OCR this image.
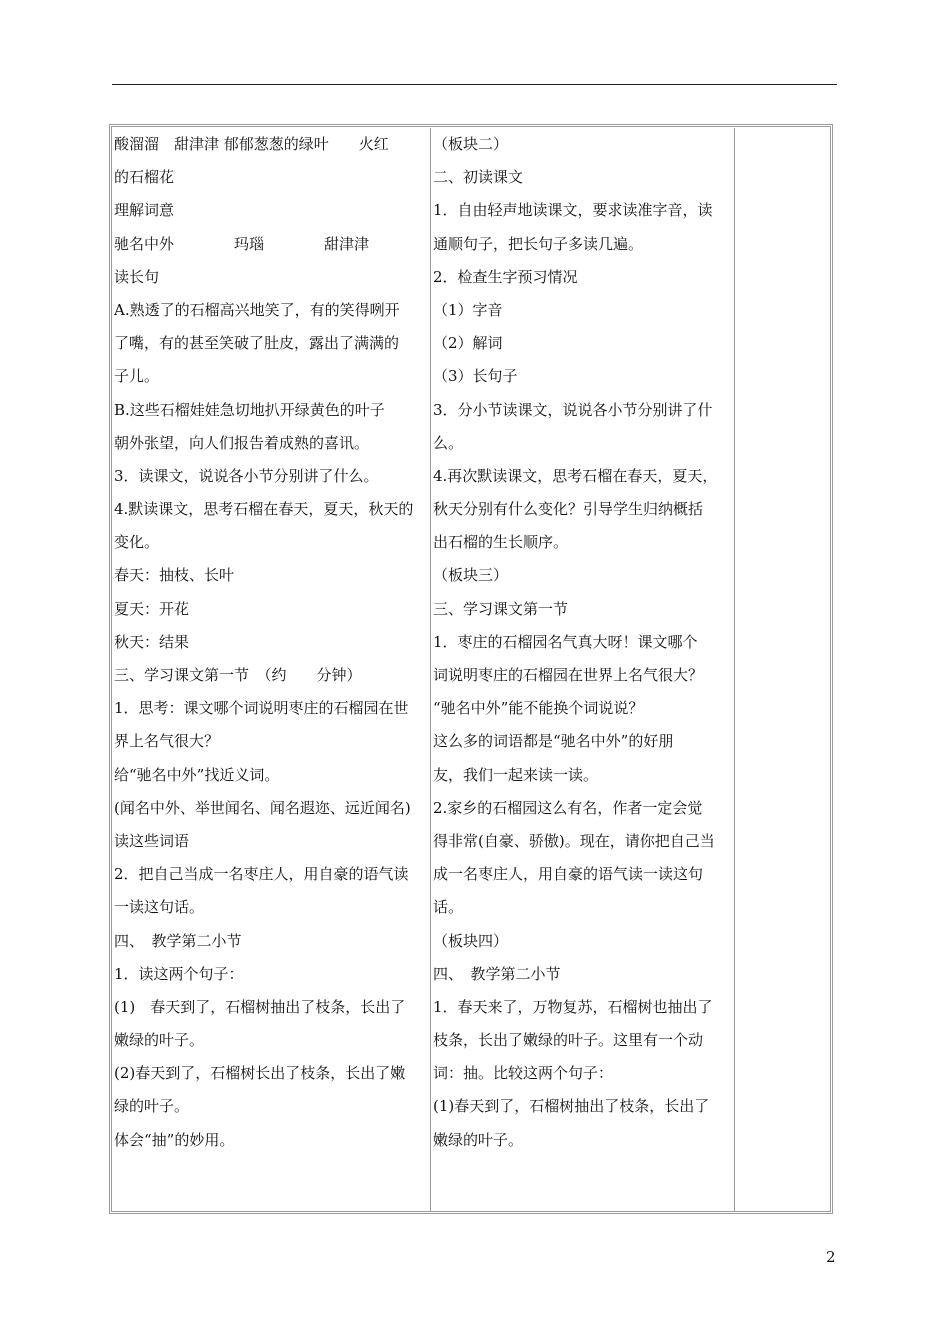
酸溜溜　甜津津 郁郁葱葱的绿叶　　火红
的石榴花
理解词意
驰名中外　　　　玛瑙　　　　甜津津
读长句
A.熟透了的石榴高兴地笑了，有的笑得咧开
了嘴，有的甚至笑破了肚皮，露出了满满的
子儿。
B.这些石榴娃娃急切地扒开绿黄色的叶子
朝外张望，向人们报告着成熟的喜讯。
3．读课文，说说各小节分别讲了什么。
4.默读课文，思考石榴在春天，夏天，秋天的
变化。
春天：抽枝、长叶
夏天：开花
秋天：结果
三、学习课文第一节　（约　　分钟）
1．思考：课文哪个词说明枣庄的石榴园在世
界上名气很大？
给“驰名中外”找近义词。
(闻名中外、举世闻名、闻名遐迩、远近闻名)
读这些词语
2．把自己当成一名枣庄人，用自豪的语气读
一读这句话。
四、　教学第二小节
1．读这两个句子：
(1)　春天到了，石榴树抽出了枝条，长出了
嫩绿的叶子。
(2)春天到了，石榴树长出了枝条，长出了嫩
绿的叶子。
体会“抽”的妙用。
（板块二）
二、初读课文
1．自由轻声地读课文，要求读准字音，读
通顺句子，把长句子多读几遍。
2．检查生字预习情况
（1）字音
（2）解词
（3）长句子
3．分小节读课文，说说各小节分别讲了什
么。
4.再次默读课文，思考石榴在春天，夏天，
秋天分别有什么变化？引导学生归纳概括
出石榴的生长顺序。
（板块三）
三、学习课文第一节
1．枣庄的石榴园名气真大呀！课文哪个
词说明枣庄的石榴园在世界上名气很大？
“驰名中外”能不能换个词说说？
这么多的词语都是“驰名中外”的好朋
友，我们一起来读一读。
2.家乡的石榴园这么有名，作者一定会觉
得非常(自豪、骄傲)。现在，请你把自己当
成一名枣庄人，用自豪的语气读一读这句
话。
（板块四）
四、　教学第二小节
1．春天来了，万物复苏，石榴树也抽出了
枝条，长出了嫩绿的叶子。这里有一个动
词：抽。比较这两个句子：
(1)春天到了，石榴树抽出了枝条，长出了
嫩绿的叶子。
2
